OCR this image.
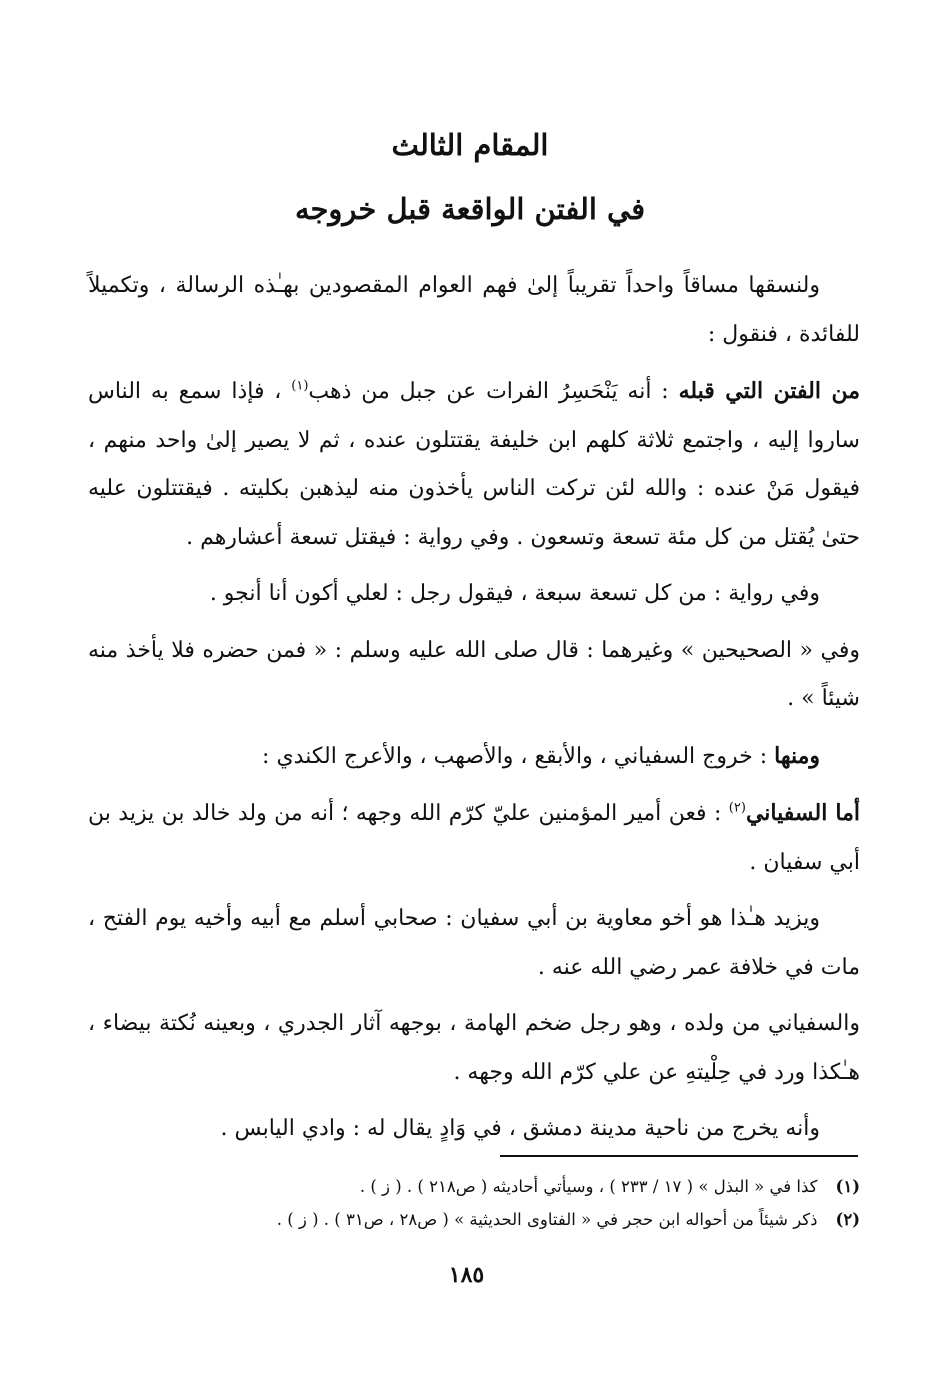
المقام الثالث
في الفتن الواقعة قبل خروجه

ولنسقها مساقاً واحداً تقريباً إلىٰ فهم العوام المقصودين بهـٰذه الرسالة ، وتكميلاً للفائدة ، فنقول :

من الفتن التي قبله : أنه يَنْحَسِرُ الفرات عن جبل من ذهب$^{(١)}$ ، فإذا سمع به الناس ساروا إليه ، واجتمع ثلاثة كلهم ابن خليفة يقتتلون عنده ، ثم لا يصير إلىٰ واحد منهم ، فيقول مَنْ عنده : والله لئن تركت الناس يأخذون منه ليذهبن بكليته . فيقتتلون عليه حتىٰ يُقتل من كل مئة تسعة وتسعون . وفي رواية : فيقتل تسعة أعشارهم .

وفي رواية : من كل تسعة سبعة ، فيقول رجل : لعلي أكون أنا أنجو .

وفي « الصحيحين » وغيرهما : قال صلى الله عليه وسلم : « فمن حضره فلا يأخذ منه شيئاً » .

ومنها : خروج السفياني ، والأبقع ، والأصهب ، والأعرج الكندي :

أما السفياني$^{(٢)}$ : فعن أمير المؤمنين عليّ كرّم الله وجهه ؛ أنه من ولد خالد بن يزيد بن أبي سفيان .

ويزيد هـٰذا هو أخو معاوية بن أبي سفيان : صحابي أسلم مع أبيه وأخيه يوم الفتح ، مات في خلافة عمر رضي الله عنه .

والسفياني من ولده ، وهو رجل ضخم الهامة ، بوجهه آثار الجدري ، وبعينه نُكتة بيضاء ، هـٰكذا ورد في حِلْيتهِ عن علي كرّم الله وجهه .

وأنه يخرج من ناحية مدينة دمشق ، في وَادٍ يقال له : وادي اليابس .

(١)كذا في « البذل » ( ١٧ / ٢٣٣ ) ، وسيأتي أحاديثه ( ص٢١٨ ) . ( ز ) .

(٢)ذكر شيئاً من أحواله ابن حجر في « الفتاوى الحديثية » ( ص٢٨ ، ص٣١ ) . ( ز ) .

١٨٥
